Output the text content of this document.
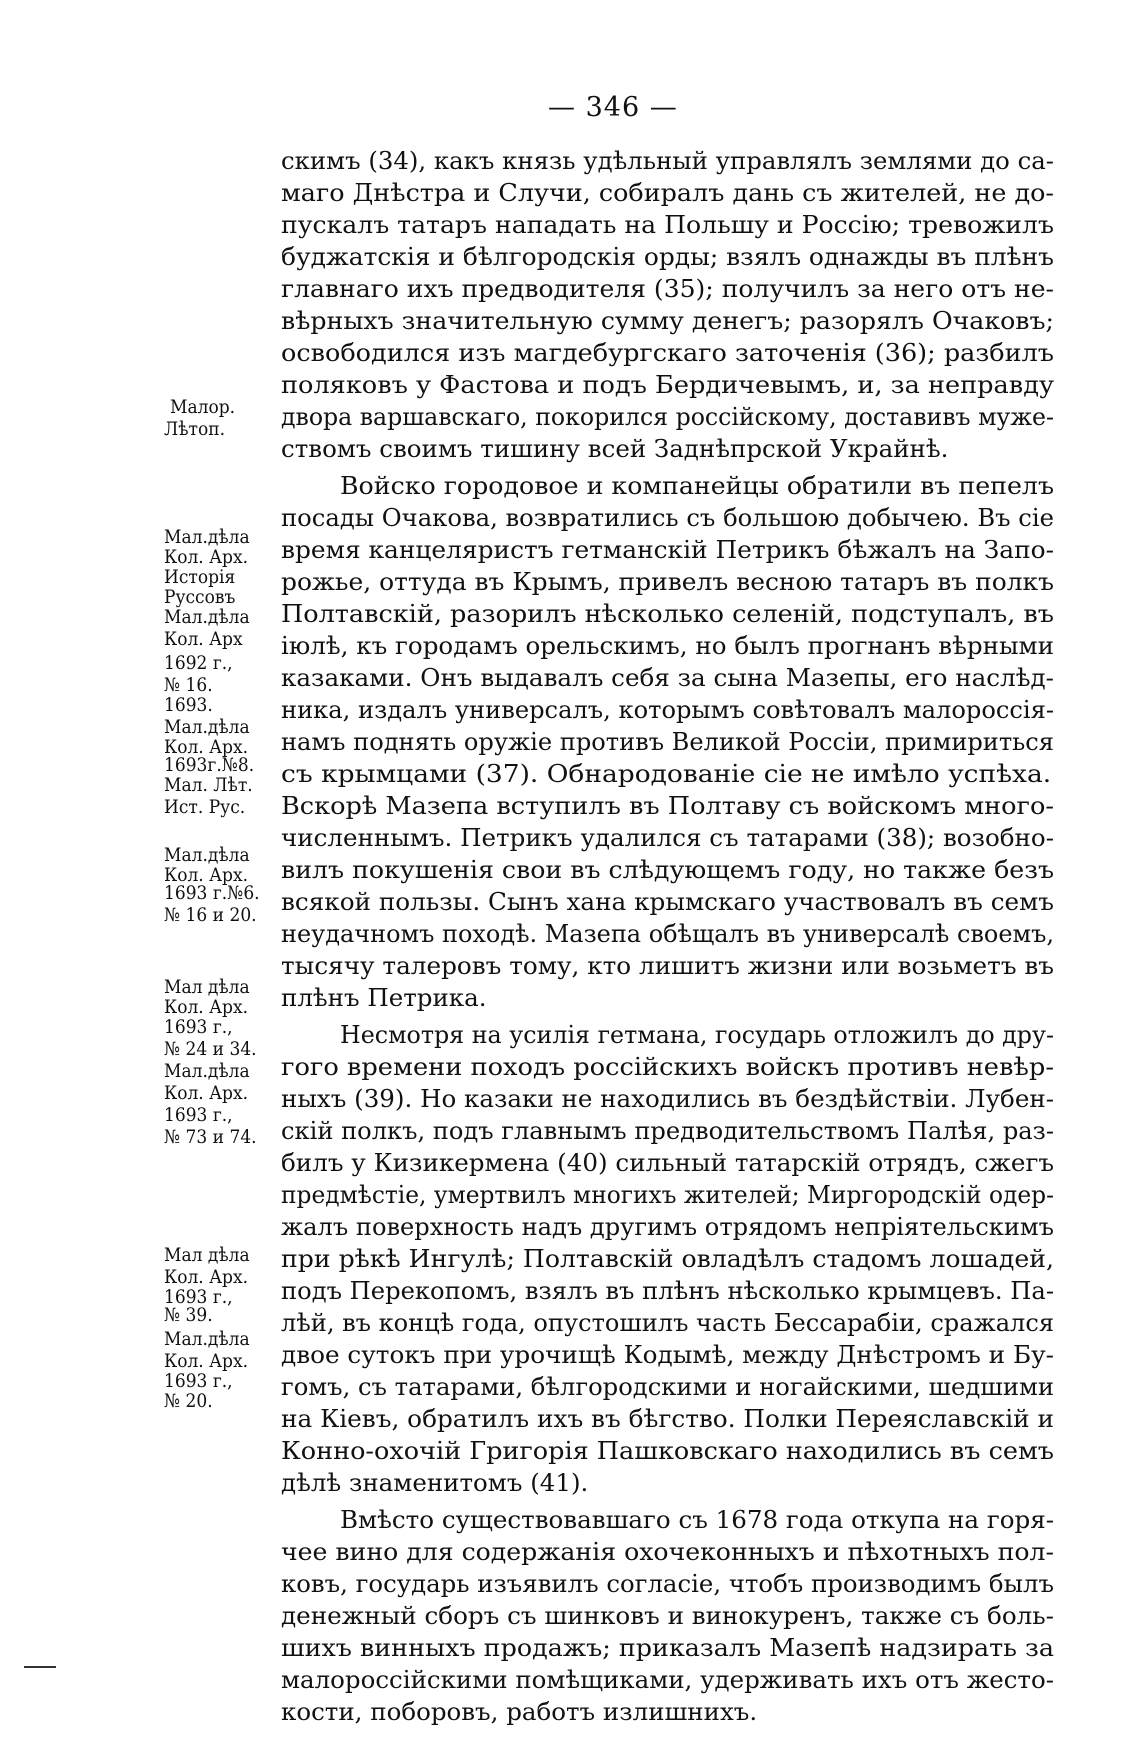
— 346 —
скимъ (34), какъ князь удѣльный управлялъ землями до са-
маго Днѣстра и Случи, собиралъ дань съ жителей, не до-
пускалъ татаръ нападать на Польшу и Россію; тревожилъ
буджатскія и бѣлгородскія орды; взялъ однажды въ плѣнъ
главнаго ихъ предводителя (35); получилъ за него отъ не-
вѣрныхъ значительную сумму денегъ; разорялъ Очаковъ;
освободился изъ магдебургскаго заточенія (36); разбилъ
поляковъ у Фастова и подъ Бердичевымъ, и, за неправду
двора варшавскаго, покорился россійскому, доставивъ муже-
ствомъ своимъ тишину всей Заднѣпрской Украйнѣ.
Войско городовое и компанейцы обратили въ пепелъ
посады Очакова, возвратились съ большою добычею. Въ сіе
время канцеляристъ гетманскій Петрикъ бѣжалъ на Запо-
рожье, оттуда въ Крымъ, привелъ весною татаръ въ полкъ
Полтавскій, разорилъ нѣсколько селеній, подступалъ, въ
іюлѣ, къ городамъ орельскимъ, но былъ прогнанъ вѣрными
казаками. Онъ выдавалъ себя за сына Мазепы, его наслѣд-
ника, издалъ универсалъ, которымъ совѣтовалъ малороссія-
намъ поднять оружіе противъ Великой Россіи, примириться
съ крымцами (37). Обнародованіе сіе не имѣло успѣха.
Вскорѣ Мазепа вступилъ въ Полтаву съ войскомъ много-
численнымъ. Петрикъ удалился съ татарами (38); возобно-
вилъ покушенія свои въ слѣдующемъ году, но также безъ
всякой пользы. Сынъ хана крымскаго участвовалъ въ семъ
неудачномъ походѣ. Мазепа обѣщалъ въ универсалѣ своемъ,
тысячу талеровъ тому, кто лишитъ жизни или возьметъ въ
плѣнъ Петрика.
Несмотря на усилія гетмана, государь отложилъ до дру-
гого времени походъ россійскихъ войскъ противъ невѣр-
ныхъ (39). Но казаки не находились въ бездѣйствіи. Лубен-
скій полкъ, подъ главнымъ предводительствомъ Палѣя, раз-
билъ у Кизикермена (40) сильный татарскій отрядъ, сжегъ
предмѣстіе, умертвилъ многихъ жителей; Миргородскій одер-
жалъ поверхность надъ другимъ отрядомъ непріятельскимъ
при рѣкѣ Ингулѣ; Полтавскій овладѣлъ стадомъ лошадей,
подъ Перекопомъ, взялъ въ плѣнъ нѣсколько крымцевъ. Па-
лѣй, въ концѣ года, опустошилъ часть Бессарабіи, сражался
двое сутокъ при урочищѣ Кодымѣ, между Днѣстромъ и Бу-
гомъ, съ татарами, бѣлгородскими и ногайскими, шедшими
на Кіевъ, обратилъ ихъ въ бѣгство. Полки Переяславскій и
Конно-охочій Григорія Пашковскаго находились въ семъ
дѣлѣ знаменитомъ (41).
Вмѣсто существовавшаго съ 1678 года откупа на горя-
чее вино для содержанія охочеконныхъ и пѣхотныхъ пол-
ковъ, государь изъявилъ согласіе, чтобъ производимъ былъ
денежный сборъ съ шинковъ и винокуренъ, также съ боль-
шихъ винныхъ продажъ; приказалъ Мазепѣ надзирать за
малороссійскими помѣщиками, удерживать ихъ отъ жесто-
кости, поборовъ, работъ излишнихъ.
Малор.
Лѣтоп.
Мал.дѣла
Кол. Арх.
Исторія
Руссовъ
Мал.дѣла
Кол. Арх
1692 г.,
№ 16.
1693.
Мал.дѣла
Кол. Арх.
1693г.№8.
Мал. Лѣт.
Ист. Рус.
Мал.дѣла
Кол. Арх.
1693 г.№6.
№ 16 и 20.
Мал дѣла
Кол. Арх.
1693 г.,
№ 24 и 34.
Мал.дѣла
Кол. Арх.
1693 г.,
№ 73 и 74.
Мал дѣла
Кол. Арх.
1693 г.,
№ 39.
Мал.дѣла
Кол. Арх.
1693 г.,
№ 20.
